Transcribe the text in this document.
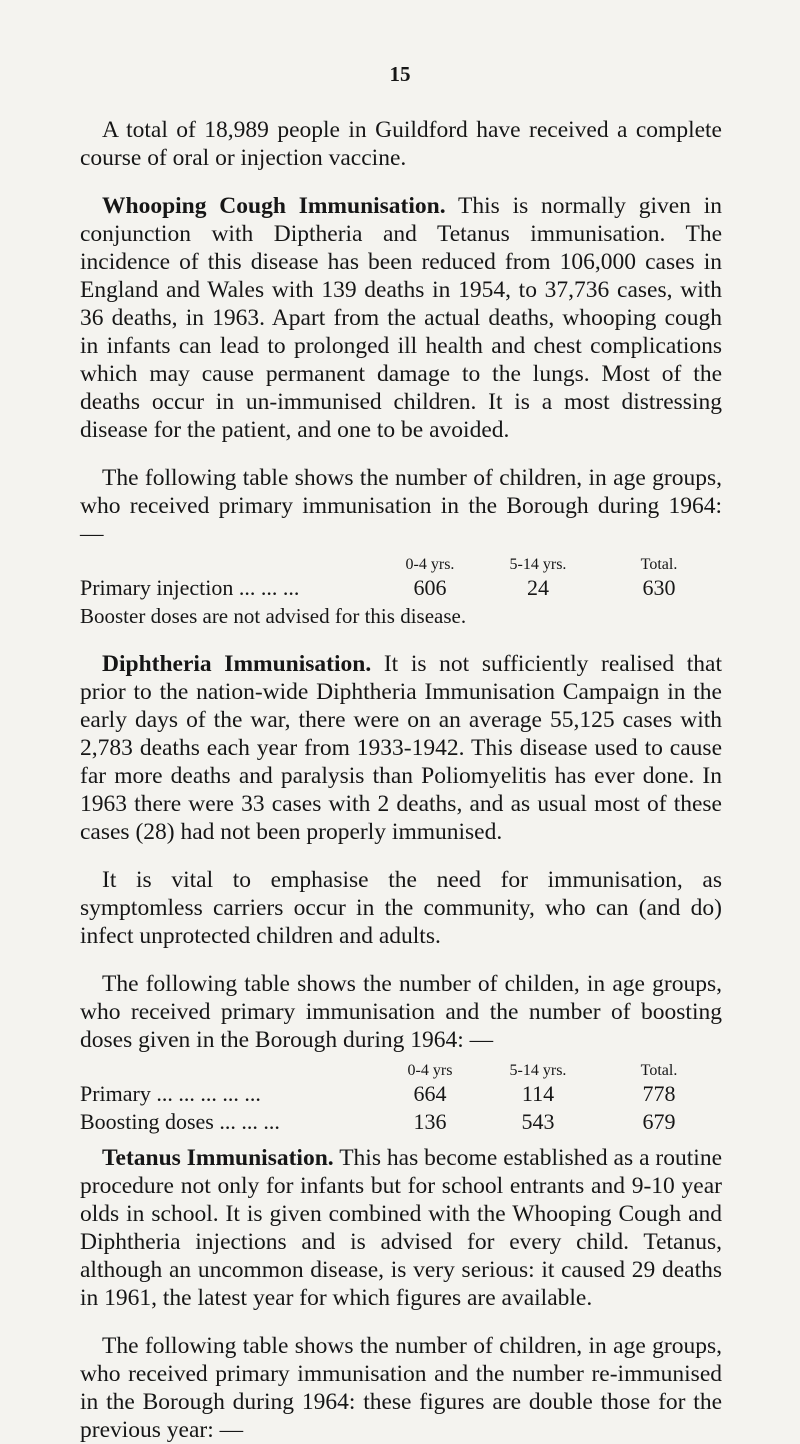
15

A total of 18,989 people in Guildford have received a complete course of oral or injection vaccine.

Whooping Cough Immunisation. This is normally given in conjunction with Diptheria and Tetanus immunisation. The incidence of this disease has been reduced from 106,000 cases in England and Wales with 139 deaths in 1954, to 37,736 cases, with 36 deaths, in 1963. Apart from the actual deaths, whooping cough in infants can lead to prolonged ill health and chest complications which may cause permanent damage to the lungs. Most of the deaths occur in un-immunised children. It is a most distressing disease for the patient, and one to be avoided.

The following table shows the number of children, in age groups, who received primary immunisation in the Borough during 1964: —

	0-4 yrs.	5-14 yrs.	Total.
Primary injection ... ... ...	606	24	630

Booster doses are not advised for this disease.

Diphtheria Immunisation. It is not sufficiently realised that prior to the nation-wide Diphtheria Immunisation Campaign in the early days of the war, there were on an average 55,125 cases with 2,783 deaths each year from 1933-1942. This disease used to cause far more deaths and paralysis than Poliomyelitis has ever done. In 1963 there were 33 cases with 2 deaths, and as usual most of these cases (28) had not been properly immunised.

It is vital to emphasise the need for immunisation, as symptomless carriers occur in the community, who can (and do) infect unprotected children and adults.

The following table shows the number of childen, in age groups, who received primary immunisation and the number of boosting doses given in the Borough during 1964: —

	0-4 yrs	5-14 yrs.	Total.
Primary ... ... ... ... ...	664	114	778
Boosting doses ... ... ...	136	543	679

Tetanus Immunisation. This has become established as a routine procedure not only for infants but for school entrants and 9-10 year olds in school. It is given combined with the Whooping Cough and Diphtheria injections and is advised for every child. Tetanus, although an uncommon disease, is very serious: it caused 29 deaths in 1961, the latest year for which figures are available.

The following table shows the number of children, in age groups, who received primary immunisation and the number re-immunised in the Borough during 1964: these figures are double those for the previous year: —
